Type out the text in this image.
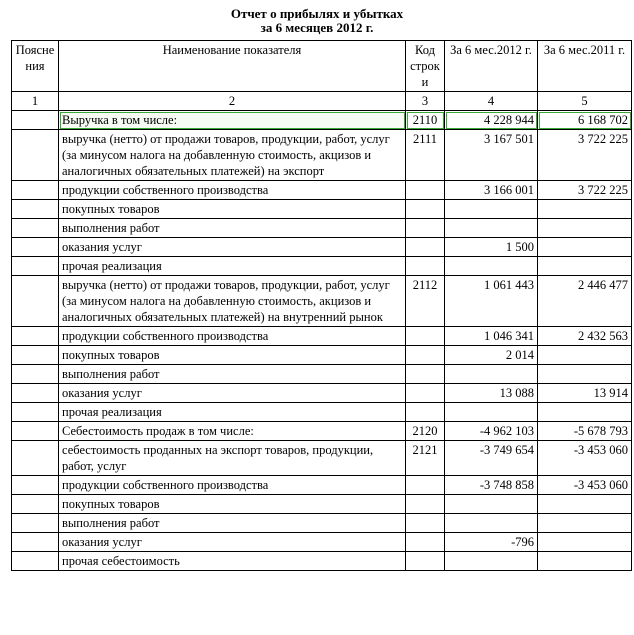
Отчет о прибылях и убытках
за 6 месяцев 2012 г.
Поясне ния	Наименование показателя	Код строк и	За 6 мес.2012 г.	За 6 мес.2011 г.
1	2	3	4	5
	Выручка в том числе:	2110	4 228 944	6 168 702
	выручка (нетто) от продажи товаров, продукции, работ, услуг (за минусом налога на добавленную стоимость, акцизов и аналогичных обязательных платежей) на экспорт	2111	3 167 501	3 722 225
	продукции собственного производства		3 166 001	3 722 225
	покупных товаров			
	выполнения работ			
	оказания услуг		1 500	
	прочая реализация			
	выручка (нетто) от продажи товаров, продукции, работ, услуг (за минусом налога на добавленную стоимость, акцизов и аналогичных обязательных платежей) на внутренний рынок	2112	1 061 443	2 446 477
	продукции собственного производства		1 046 341	2 432 563
	покупных товаров		2 014	
	выполнения работ			
	оказания услуг		13 088	13 914
	прочая реализация			
	Себестоимость продаж в том числе:	2120	-4 962 103	-5 678 793
	себестоимость проданных на экспорт товаров, продукции, работ, услуг	2121	-3 749 654	-3 453 060
	продукции собственного производства		-3 748 858	-3 453 060
	покупных товаров			
	выполнения работ			
	оказания услуг		-796	
	прочая себестоимость			
